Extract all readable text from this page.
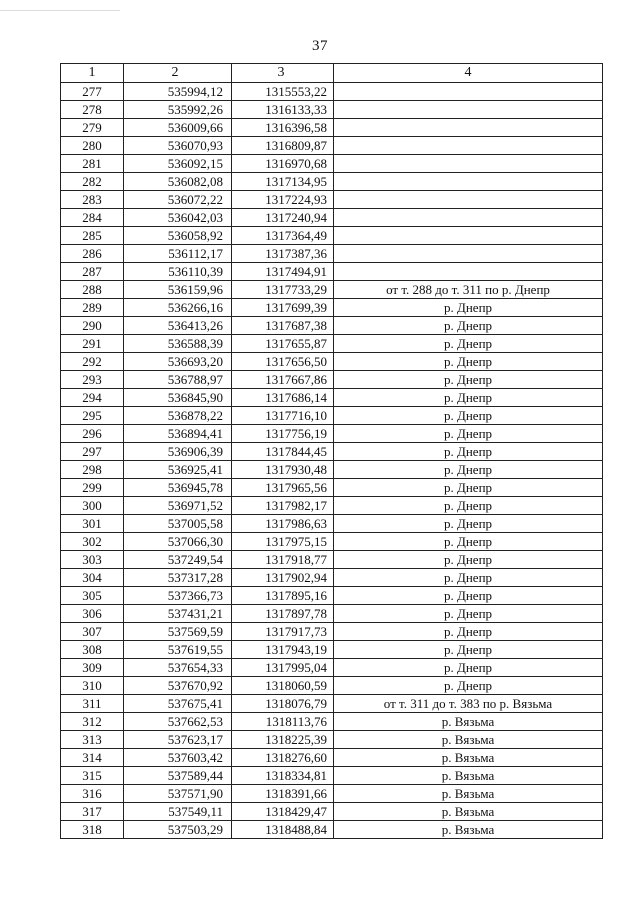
37
1	2	3	4
277	535994,12	1315553,22	
278	535992,26	1316133,33	
279	536009,66	1316396,58	
280	536070,93	1316809,87	
281	536092,15	1316970,68	
282	536082,08	1317134,95	
283	536072,22	1317224,93	
284	536042,03	1317240,94	
285	536058,92	1317364,49	
286	536112,17	1317387,36	
287	536110,39	1317494,91	
288	536159,96	1317733,29	от т. 288 до т. 311 по р. Днепр
289	536266,16	1317699,39	р. Днепр
290	536413,26	1317687,38	р. Днепр
291	536588,39	1317655,87	р. Днепр
292	536693,20	1317656,50	р. Днепр
293	536788,97	1317667,86	р. Днепр
294	536845,90	1317686,14	р. Днепр
295	536878,22	1317716,10	р. Днепр
296	536894,41	1317756,19	р. Днепр
297	536906,39	1317844,45	р. Днепр
298	536925,41	1317930,48	р. Днепр
299	536945,78	1317965,56	р. Днепр
300	536971,52	1317982,17	р. Днепр
301	537005,58	1317986,63	р. Днепр
302	537066,30	1317975,15	р. Днепр
303	537249,54	1317918,77	р. Днепр
304	537317,28	1317902,94	р. Днепр
305	537366,73	1317895,16	р. Днепр
306	537431,21	1317897,78	р. Днепр
307	537569,59	1317917,73	р. Днепр
308	537619,55	1317943,19	р. Днепр
309	537654,33	1317995,04	р. Днепр
310	537670,92	1318060,59	р. Днепр
311	537675,41	1318076,79	от т. 311 до т. 383 по р. Вязьма
312	537662,53	1318113,76	р. Вязьма
313	537623,17	1318225,39	р. Вязьма
314	537603,42	1318276,60	р. Вязьма
315	537589,44	1318334,81	р. Вязьма
316	537571,90	1318391,66	р. Вязьма
317	537549,11	1318429,47	р. Вязьма
318	537503,29	1318488,84	р. Вязьма
